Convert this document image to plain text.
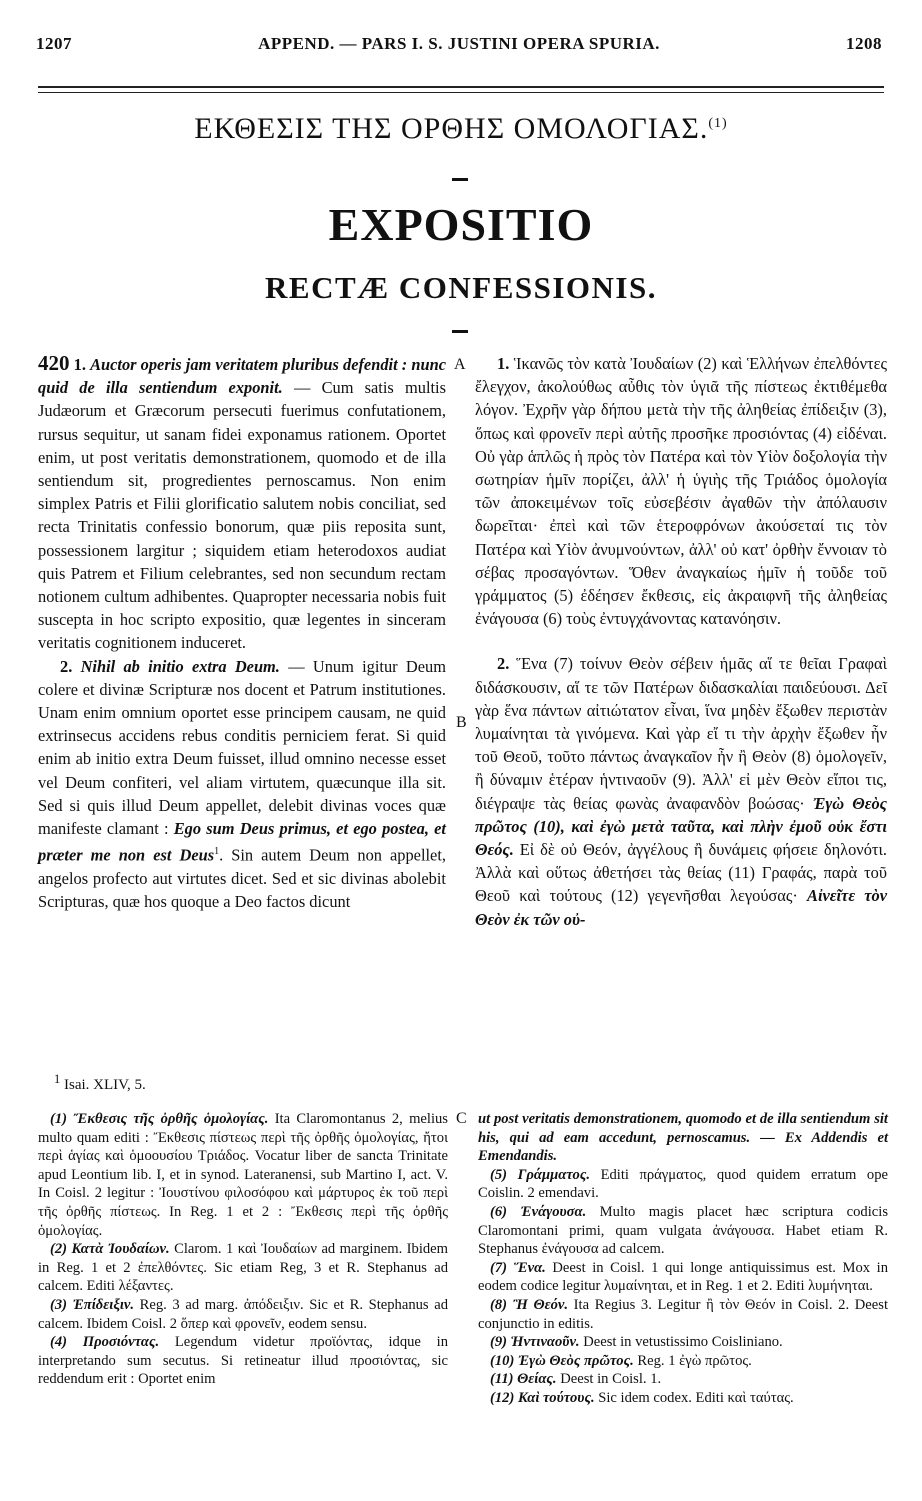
1207	APPEND. — PARS I. S. JUSTINI OPERA SPURIA.	1208
ΕΚΘΕΣΙΣ ΤΗΣ ΟΡΘΗΣ ΟΜΟΛΟΓΙΑΣ.$^{(1)}$
EXPOSITIO
RECTÆ CONFESSIONIS.

420 1. Auctor operis jam veritatem pluribus defendit : nunc quid de illa sentiendum exponit. — Cum satis multis Judæorum et Græcorum persecuti fuerimus confutationem, rursus sequitur, ut sanam fidei exponamus rationem. Oportet enim, ut post veritatis demonstrationem, quomodo et de illa sentiendum sit, progredientes pernoscamus. Non enim simplex Patris et Filii glorificatio salutem nobis conciliat, sed recta Trinitatis confessio bonorum, quæ piis reposita sunt, possessionem largitur ; siquidem etiam heterodoxos audiat quis Patrem et Filium celebrantes, sed non secundum rectam notionem cultum adhibentes. Quapropter necessaria nobis fuit suscepta in hoc scripto expositio, quæ legentes in sinceram veritatis cognitionem induceret.

2. Nihil ab initio extra Deum. — Unum igitur Deum colere et divinæ Scripturæ nos docent et Patrum institutiones. Unam enim omnium oportet esse principem causam, ne quid extrinsecus accidens rebus conditis perniciem ferat. Si quid enim ab initio extra Deum fuisset, illud omnino necesse esset vel Deum confiteri, vel aliam virtutem, quæcunque illa sit. Sed si quis illud Deum appellet, delebit divinas voces quæ manifeste clamant : Ego sum Deus primus, et ego postea, et præter me non est Deus$^1$. Sin autem Deum non appellet, angelos profecto aut virtutes dicet. Sed et sic divinas abolebit Scripturas, quæ hos quoque a Deo factos dicunt

A
B
C

1. Ἱκανῶς τὸν κατὰ Ἰουδαίων (2) καὶ Ἑλλήνων ἐπελθόντες ἔλεγχον, ἀκολούθως αὖθις τὸν ὑγιᾶ τῆς πίστεως ἐκτιθέμεθα λόγον. Ἐχρῆν γὰρ δήπου μετὰ τὴν τῆς ἀληθείας ἐπίδειξιν (3), ὅπως καὶ φρονεῖν περὶ αὐτῆς προσῆκε προσιόντας (4) εἰδέναι. Οὐ γὰρ ἁπλῶς ἡ πρὸς τὸν Πατέρα καὶ τὸν Υἱὸν δοξολογία τὴν σωτηρίαν ἡμῖν πορίζει, ἀλλ' ἡ ὑγιὴς τῆς Τριάδος ὁμολογία τῶν ἀποκειμένων τοῖς εὐσεβέσιν ἀγαθῶν τὴν ἀπόλαυσιν δωρεῖται· ἐπεὶ καὶ τῶν ἑτεροφρόνων ἀκούσεταί τις τὸν Πατέρα καὶ Υἱὸν ἀνυμνούντων, ἀλλ' οὐ κατ' ὀρθὴν ἔννοιαν τὸ σέβας προσαγόντων. Ὅθεν ἀναγκαίως ἡμῖν ἡ τοῦδε τοῦ γράμματος (5) ἐδέησεν ἔκθεσις, εἰς ἀκραιφνῆ τῆς ἀληθείας ἐνάγουσα (6) τοὺς ἐντυγχάνοντας κατανόησιν.

2. Ἕνα (7) τοίνυν Θεὸν σέβειν ἡμᾶς αἵ τε θεῖαι Γραφαὶ διδάσκουσιν, αἵ τε τῶν Πατέρων διδασκαλίαι παιδεύουσι. Δεῖ γὰρ ἕνα πάντων αἰτιώτατον εἶναι, ἵνα μηδὲν ἔξωθεν περιστὰν λυμαίνηται τὰ γινόμενα. Καὶ γὰρ εἴ τι τὴν ἀρχὴν ἔξωθεν ἦν τοῦ Θεοῦ, τοῦτο πάντως ἀναγκαῖον ἦν ἢ Θεὸν (8) ὁμολογεῖν, ἢ δύναμιν ἑτέραν ἡντιναοῦν (9). Ἀλλ' εἰ μὲν Θεὸν εἴποι τις, διέγραψε τὰς θείας φωνὰς ἀναφανδὸν βοώσας· Ἐγὼ Θεὸς πρῶτος (10), καὶ ἐγὼ μετὰ ταῦτα, καὶ πλὴν ἐμοῦ οὐκ ἔστι Θεός. Εἰ δὲ οὐ Θεόν, ἀγγέλους ἢ δυνάμεις φήσειε δηλονότι. Ἀλλὰ καὶ οὕτως ἀθετήσει τὰς θείας (11) Γραφάς, παρὰ τοῦ Θεοῦ καὶ τούτους (12) γεγενῆσθαι λεγούσας· Αἰνεῖτε τὸν Θεὸν ἐκ τῶν οὐ-

$^1$ Isai. XLIV, 5.

(1) Ἔκθεσις τῆς ὀρθῆς ὁμολογίας. Ita Claromontanus 2, melius multo quam editi : Ἔκθεσις πίστεως περὶ τῆς ὀρθῆς ὁμολογίας, ἤτοι περὶ ἁγίας καὶ ὁμοουσίου Τριάδος. Vocatur liber de sancta Trinitate apud Leontium lib. I, et in synod. Lateranensi, sub Martino I, act. V. In Coisl. 2 legitur : Ἰουστίνου φιλοσόφου καὶ μάρτυρος ἐκ τοῦ περὶ τῆς ὀρθῆς πίστεως. In Reg. 1 et 2 : Ἔκθεσις περὶ τῆς ὀρθῆς ὁμολογίας.

(2) Κατὰ Ἰουδαίων. Clarom. 1 καὶ Ἰουδαίων ad marginem. Ibidem in Reg. 1 et 2 ἐπελθόντες. Sic etiam Reg, 3 et R. Stephanus ad calcem. Editi λέξαντες.

(3) Ἐπίδειξιν. Reg. 3 ad marg. ἀπόδειξιν. Sic et R. Stephanus ad calcem. Ibidem Coisl. 2 ὅπερ καὶ φρονεῖν, eodem sensu.

(4) Προσιόντας. Legendum videtur προϊόντας, idque in interpretando sum secutus. Si retineatur illud προσιόντας, sic reddendum erit : Oportet enim

ut post veritatis demonstrationem, quomodo et de illa sentiendum sit his, qui ad eam accedunt, pernoscamus. — Ex Addendis et Emendandis.

(5) Γράμματος. Editi πράγματος, quod quidem erratum ope Coislin. 2 emendavi.

(6) Ἐνάγουσα. Multo magis placet hæc scriptura codicis Claromontani primi, quam vulgata ἀνάγουσα. Habet etiam R. Stephanus ἐνάγουσα ad calcem.

(7) Ἕνα. Deest in Coisl. 1 qui longe antiquissimus est. Mox in eodem codice legitur λυμαίνηται, et in Reg. 1 et 2. Editi λυμήνηται.

(8) Ἢ Θεόν. Ita Regius 3. Legitur ἢ τὸν Θεόν in Coisl. 2. Deest conjunctio in editis.

(9) Ἡντιναοῦν. Deest in vetustissimo Coisliniano.

(10) Ἐγὼ Θεὸς πρῶτος. Reg. 1 ἐγὼ πρῶτος.

(11) Θείας. Deest in Coisl. 1.

(12) Καὶ τούτους. Sic idem codex. Editi καὶ ταύτας.
